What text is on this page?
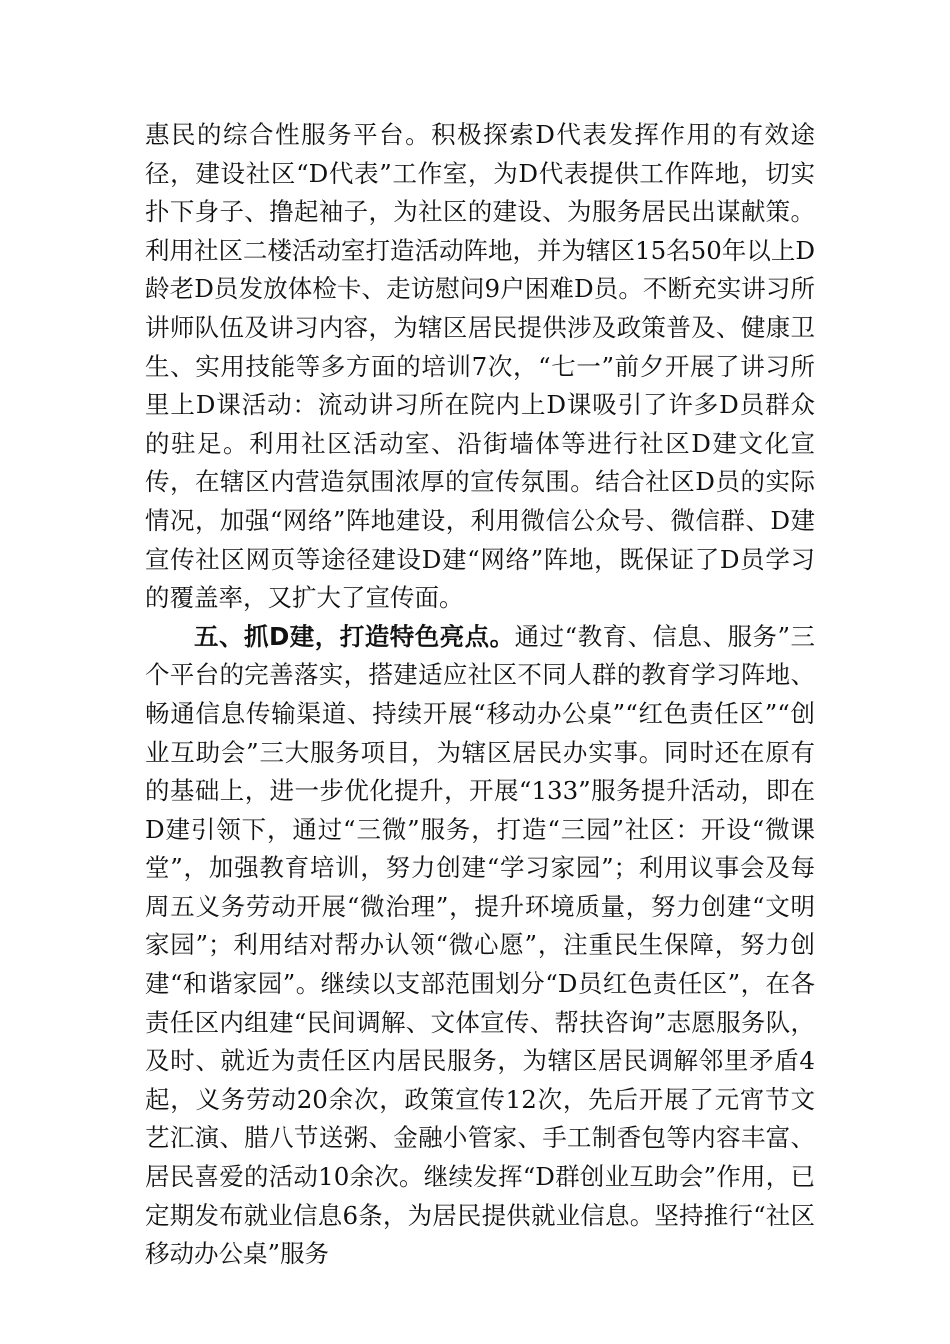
惠民的综合性服务平台。积极探索D代表发挥作用的有效途径，建设社区“D代表”工作室，为D代表提供工作阵地，切实扑下身子、撸起袖子，为社区的建设、为服务居民出谋献策。利用社区二楼活动室打造活动阵地，并为辖区15名50年以上D龄老D员发放体检卡、走访慰问9户困难D员。不断充实讲习所讲师队伍及讲习内容，为辖区居民提供涉及政策普及、健康卫生、实用技能等多方面的培训7次，“七一”前夕开展了讲习所里上D课活动：流动讲习所在院内上D课吸引了许多D员群众的驻足。利用社区活动室、沿街墙体等进行社区D建文化宣传，在辖区内营造氛围浓厚的宣传氛围。结合社区D员的实际情况，加强“网络”阵地建设，利用微信公众号、微信群、D建宣传社区网页等途径建设D建“网络”阵地，既保证了D员学习的覆盖率，又扩大了宣传面。

五、抓D建，打造特色亮点。通过“教育、信息、服务”三个平台的完善落实，搭建适应社区不同人群的教育学习阵地、畅通信息传输渠道、持续开展“移动办公桌”“红色责任区”“创业互助会”三大服务项目，为辖区居民办实事。同时还在原有的基础上，进一步优化提升，开展“133”服务提升活动，即在D建引领下，通过“三微”服务，打造“三园”社区：开设“微课堂”，加强教育培训，努力创建“学习家园”；利用议事会及每周五义务劳动开展“微治理”，提升环境质量，努力创建“文明家园”；利用结对帮办认领“微心愿”，注重民生保障，努力创建“和谐家园”。继续以支部范围划分“D员红色责任区”，在各责任区内组建“民间调解、文体宣传、帮扶咨询”志愿服务队，及时、就近为责任区内居民服务，为辖区居民调解邻里矛盾4起，义务劳动20余次，政策宣传12次，先后开展了元宵节文艺汇演、腊八节送粥、金融小管家、手工制香包等内容丰富、居民喜爱的活动10余次。继续发挥“D群创业互助会”作用，已定期发布就业信息6条，为居民提供就业信息。坚持推行“社区移动办公桌”服务
